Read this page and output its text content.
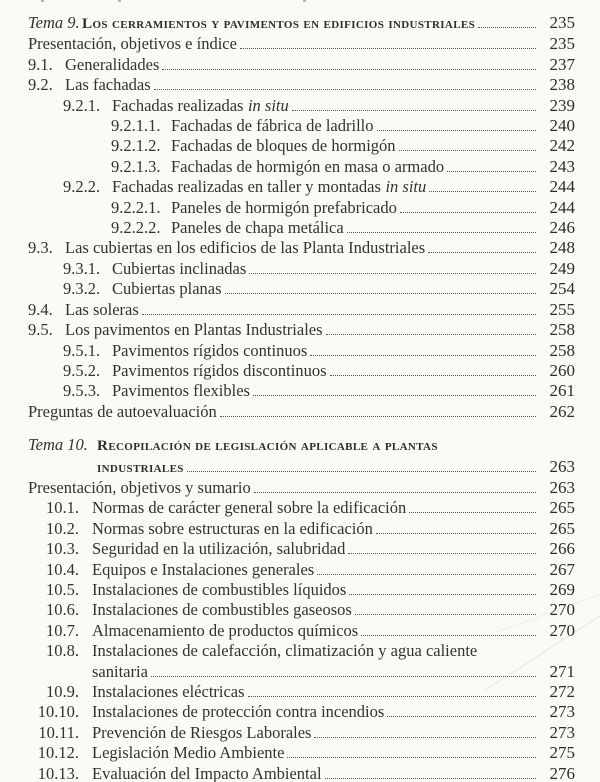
Tema 9. Los cerramientos y pavimentos en edificios industriales	235
Presentación, objetivos e índice	235
9.1. Generalidades	237
9.2. Las fachadas	238
9.2.1. Fachadas realizadas in situ	239
9.2.1.1. Fachadas de fábrica de ladrillo	240
9.2.1.2. Fachadas de bloques de hormigón	242
9.2.1.3. Fachadas de hormigón en masa o armado	243
9.2.2. Fachadas realizadas en taller y montadas in situ	244
9.2.2.1. Paneles de hormigón prefabricado	244
9.2.2.2. Paneles de chapa metálica	246
9.3. Las cubiertas en los edificios de las Planta Industriales	248
9.3.1. Cubiertas inclinadas	249
9.3.2. Cubiertas planas	254
9.4. Las soleras	255
9.5. Los pavimentos en Plantas Industriales	258
9.5.1. Pavimentos rígidos continuos	258
9.5.2. Pavimentos rígidos discontinuos	260
9.5.3. Pavimentos flexibles	261
Preguntas de autoevaluación	262
Tema 10. Recopilación de legislación aplicable a plantas
industriales	263
Presentación, objetivos y sumario	263
10.1. Normas de carácter general sobre la edificación	265
10.2. Normas sobre estructuras en la edificación	265
10.3. Seguridad en la utilización, salubridad	266
10.4. Equipos e Instalaciones generales	267
10.5. Instalaciones de combustibles líquidos	269
10.6. Instalaciones de combustibles gaseosos	270
10.7. Almacenamiento de productos químicos	270
10.8. Instalaciones de calefacción, climatización y agua caliente
sanitaria	271
10.9. Instalaciones eléctricas	272
10.10. Instalaciones de protección contra incendios	273
10.11. Prevención de Riesgos Laborales	273
10.12. Legislación Medio Ambiente	275
10.13. Evaluación del Impacto Ambiental	276
